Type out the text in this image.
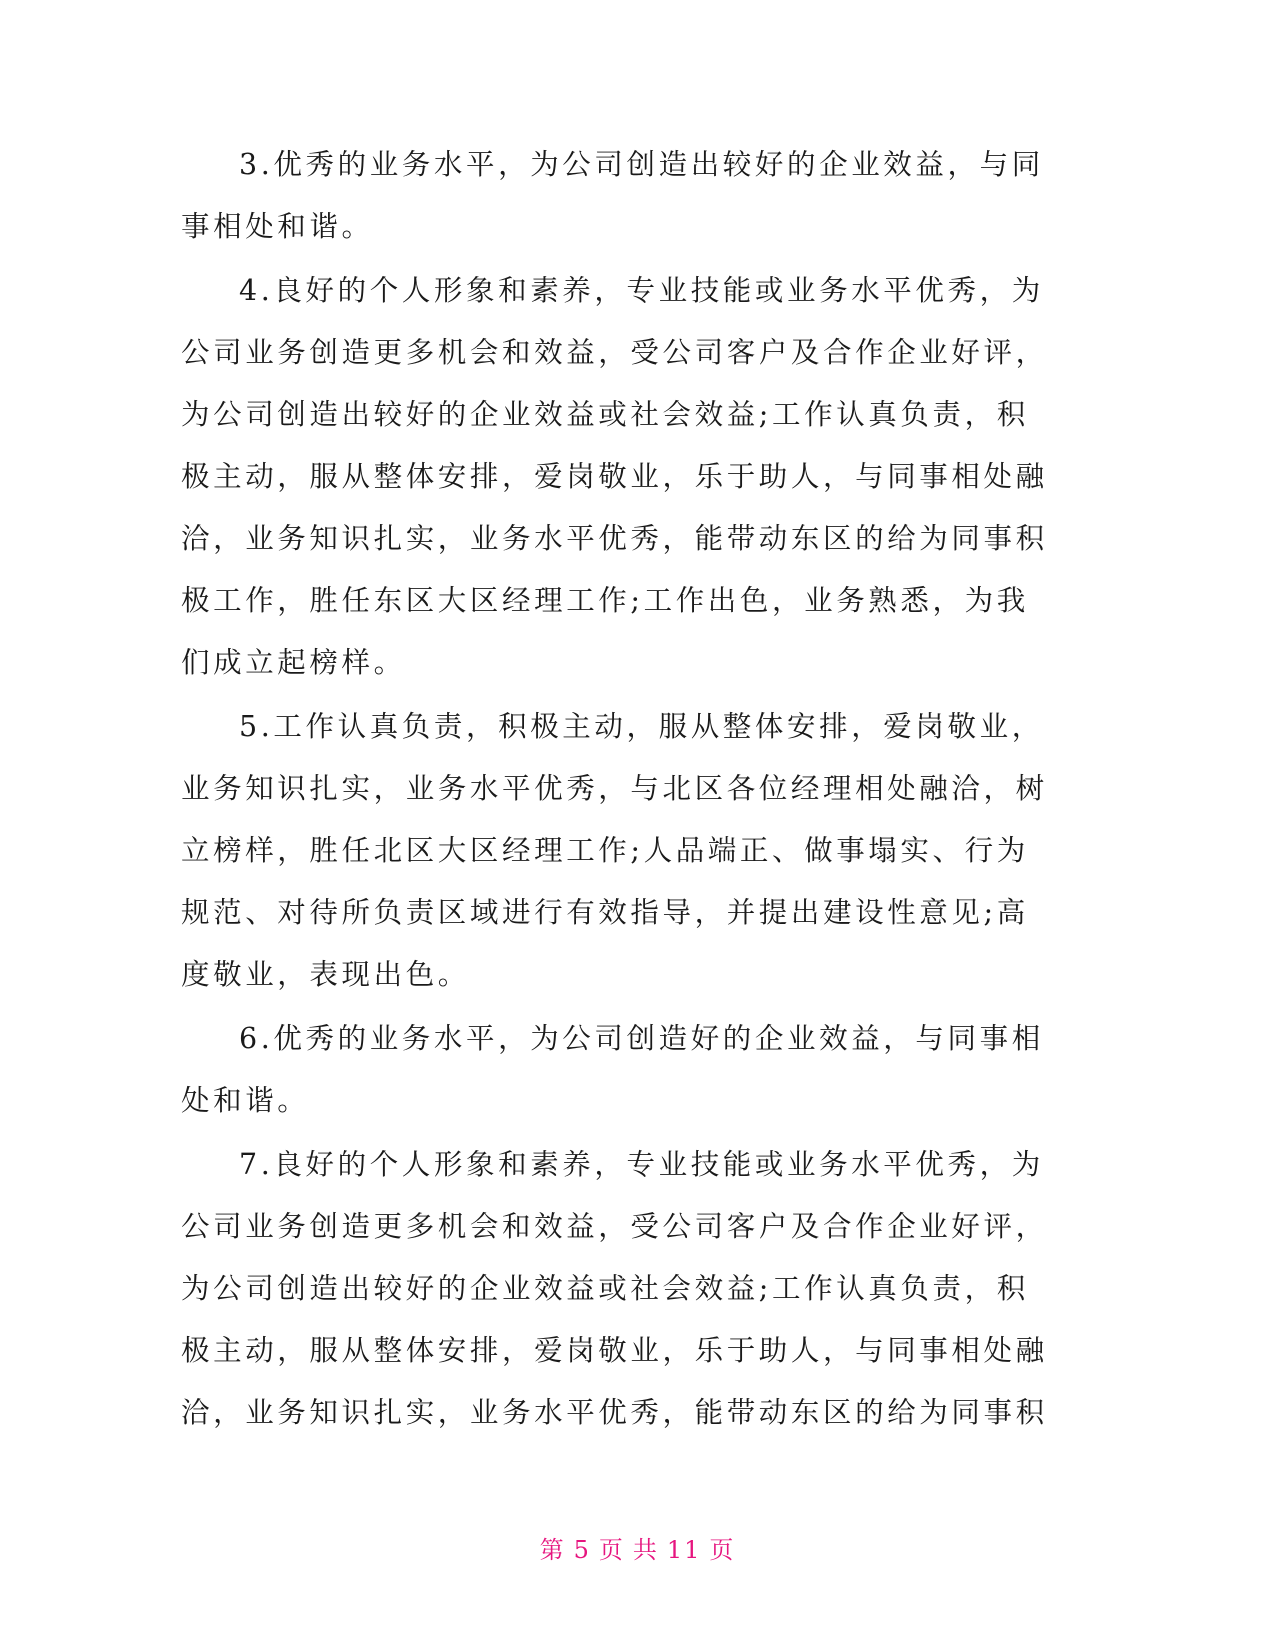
3.优秀的业务水平，为公司创造出较好的企业效益，与同
事相处和谐。
4.良好的个人形象和素养，专业技能或业务水平优秀，为
公司业务创造更多机会和效益，受公司客户及合作企业好评，
为公司创造出较好的企业效益或社会效益;工作认真负责，积
极主动，服从整体安排，爱岗敬业，乐于助人，与同事相处融
洽，业务知识扎实，业务水平优秀，能带动东区的给为同事积
极工作，胜任东区大区经理工作;工作出色，业务熟悉，为我
们成立起榜样。
5.工作认真负责，积极主动，服从整体安排，爱岗敬业，
业务知识扎实，业务水平优秀，与北区各位经理相处融洽，树
立榜样，胜任北区大区经理工作;人品端正、做事塌实、行为
规范、对待所负责区域进行有效指导，并提出建设性意见;高
度敬业，表现出色。
6.优秀的业务水平，为公司创造好的企业效益，与同事相
处和谐。
7.良好的个人形象和素养，专业技能或业务水平优秀，为
公司业务创造更多机会和效益，受公司客户及合作企业好评，
为公司创造出较好的企业效益或社会效益;工作认真负责，积
极主动，服从整体安排，爱岗敬业，乐于助人，与同事相处融
洽，业务知识扎实，业务水平优秀，能带动东区的给为同事积
第 5 页 共 11 页
